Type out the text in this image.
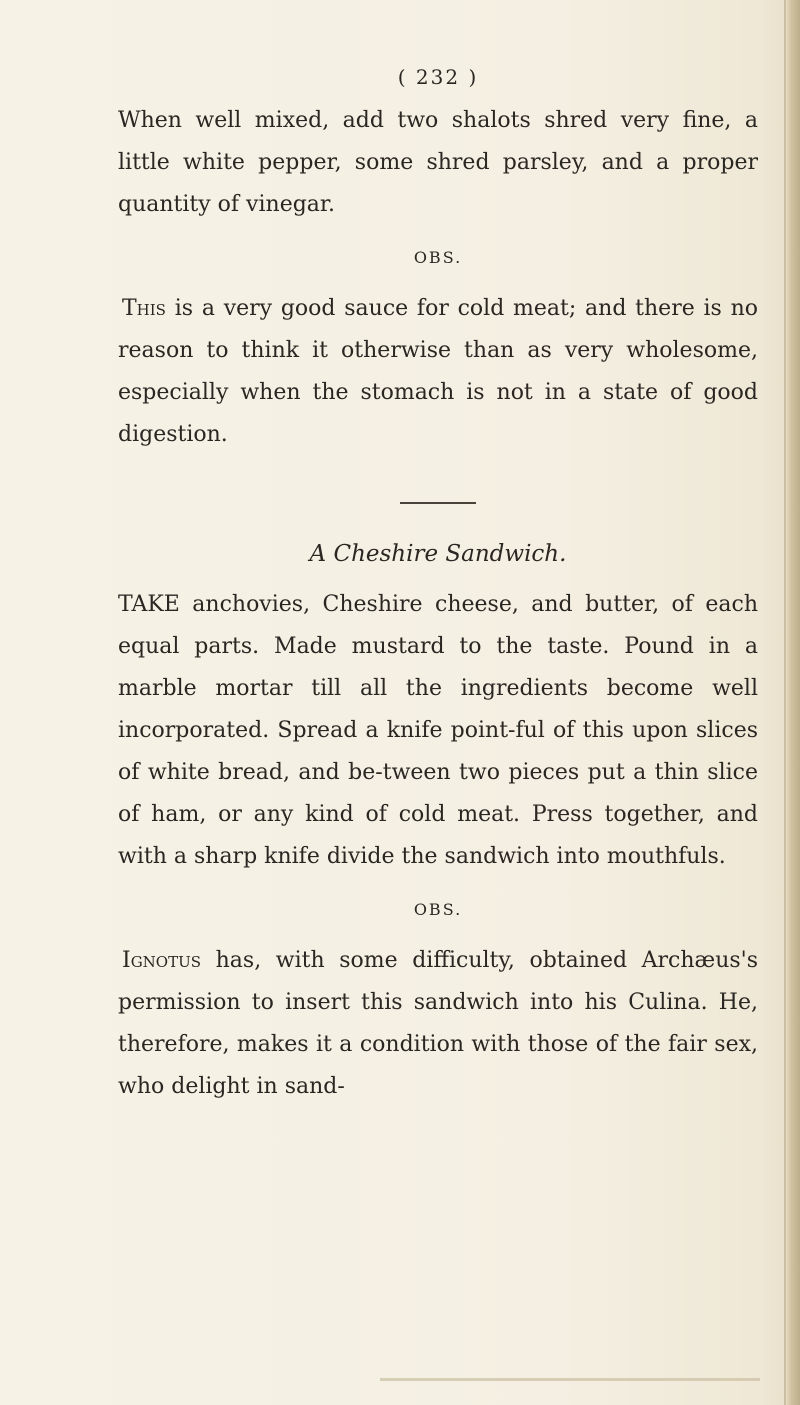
( 232 )

When well mixed, add two shalots shred very fine, a little white pepper, some shred parsley, and a proper quantity of vinegar.

OBS.

This is a very good sauce for cold meat; and there is no reason to think it otherwise than as very wholesome, especially when the stomach is not in a state of good digestion.

A Cheshire Sandwich.

TAKE anchovies, Cheshire cheese, and butter, of each equal parts. Made mustard to the taste. Pound in a marble mortar till all the ingredients become well incorporated. Spread a knife point-ful of this upon slices of white bread, and be-tween two pieces put a thin slice of ham, or any kind of cold meat. Press together, and with a sharp knife divide the sandwich into mouthfuls.

OBS.

Ignotus has, with some difficulty, obtained Archæus's permission to insert this sandwich into his Culina. He, therefore, makes it a condition with those of the fair sex, who delight in sand-
